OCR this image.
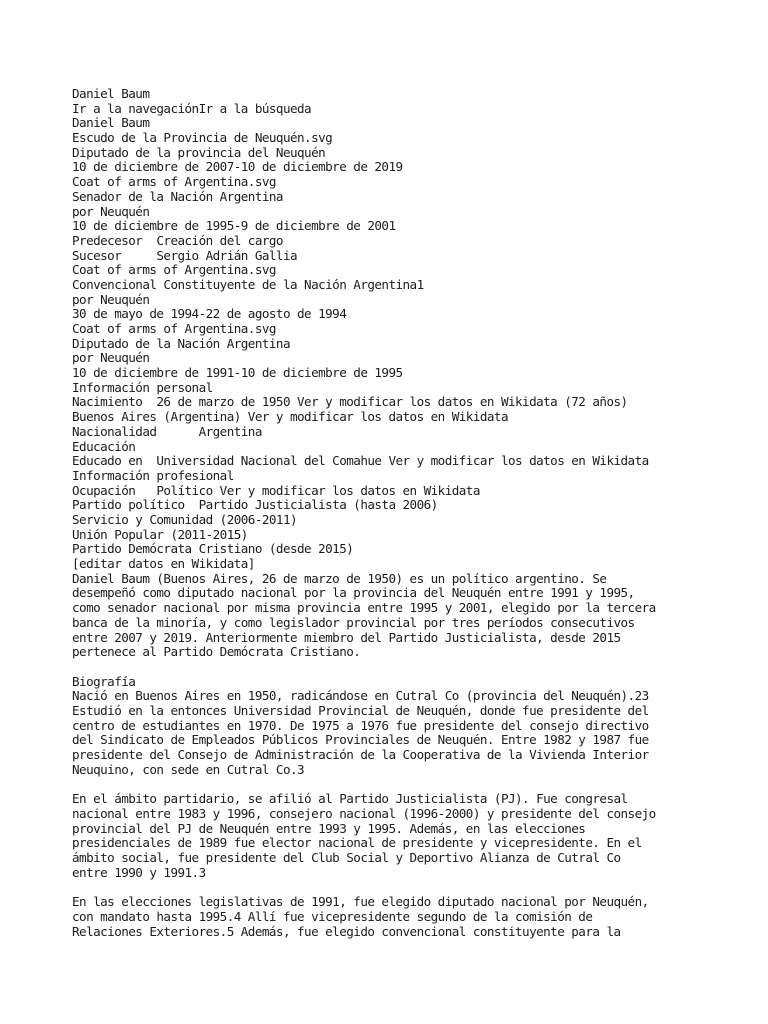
Daniel Baum
Ir a la navegaciónIr a la búsqueda
Daniel Baum
Escudo de la Provincia de Neuquén.svg
Diputado de la provincia del Neuquén
10 de diciembre de 2007-10 de diciembre de 2019
Coat of arms of Argentina.svg
Senador de la Nación Argentina
por Neuquén
10 de diciembre de 1995-9 de diciembre de 2001
Predecesor  Creación del cargo
Sucesor     Sergio Adrián Gallia
Coat of arms of Argentina.svg
Convencional Constituyente de la Nación Argentina1
por Neuquén
30 de mayo de 1994-22 de agosto de 1994
Coat of arms of Argentina.svg
Diputado de la Nación Argentina
por Neuquén
10 de diciembre de 1991-10 de diciembre de 1995
Información personal
Nacimiento  26 de marzo de 1950 Ver y modificar los datos en Wikidata (72 años)
Buenos Aires (Argentina) Ver y modificar los datos en Wikidata
Nacionalidad      Argentina
Educación
Educado en  Universidad Nacional del Comahue Ver y modificar los datos en Wikidata
Información profesional
Ocupación   Político Ver y modificar los datos en Wikidata
Partido político  Partido Justicialista (hasta 2006)
Servicio y Comunidad (2006-2011)
Unión Popular (2011-2015)
Partido Demócrata Cristiano (desde 2015)
[editar datos en Wikidata]
Daniel Baum (Buenos Aires, 26 de marzo de 1950) es un político argentino. Se
desempeñó como diputado nacional por la provincia del Neuquén entre 1991 y 1995,
como senador nacional por misma provincia entre 1995 y 2001, elegido por la tercera
banca de la minoría, y como legislador provincial por tres períodos consecutivos
entre 2007 y 2019. Anteriormente miembro del Partido Justicialista, desde 2015
pertenece al Partido Demócrata Cristiano.
Biografía
Nació en Buenos Aires en 1950, radicándose en Cutral Co (provincia del Neuquén).23
Estudió en la entonces Universidad Provincial de Neuquén, donde fue presidente del
centro de estudiantes en 1970. De 1975 a 1976 fue presidente del consejo directivo
del Sindicato de Empleados Públicos Provinciales de Neuquén. Entre 1982 y 1987 fue
presidente del Consejo de Administración de la Cooperativa de la Vivienda Interior
Neuquino, con sede en Cutral Co.3
En el ámbito partidario, se afilió al Partido Justicialista (PJ). Fue congresal
nacional entre 1983 y 1996, consejero nacional (1996-2000) y presidente del consejo
provincial del PJ de Neuquén entre 1993 y 1995. Además, en las elecciones
presidenciales de 1989 fue elector nacional de presidente y vicepresidente. En el
ámbito social, fue presidente del Club Social y Deportivo Alianza de Cutral Co
entre 1990 y 1991.3
En las elecciones legislativas de 1991, fue elegido diputado nacional por Neuquén,
con mandato hasta 1995.4 Allí fue vicepresidente segundo de la comisión de
Relaciones Exteriores.5 Además, fue elegido convencional constituyente para la
